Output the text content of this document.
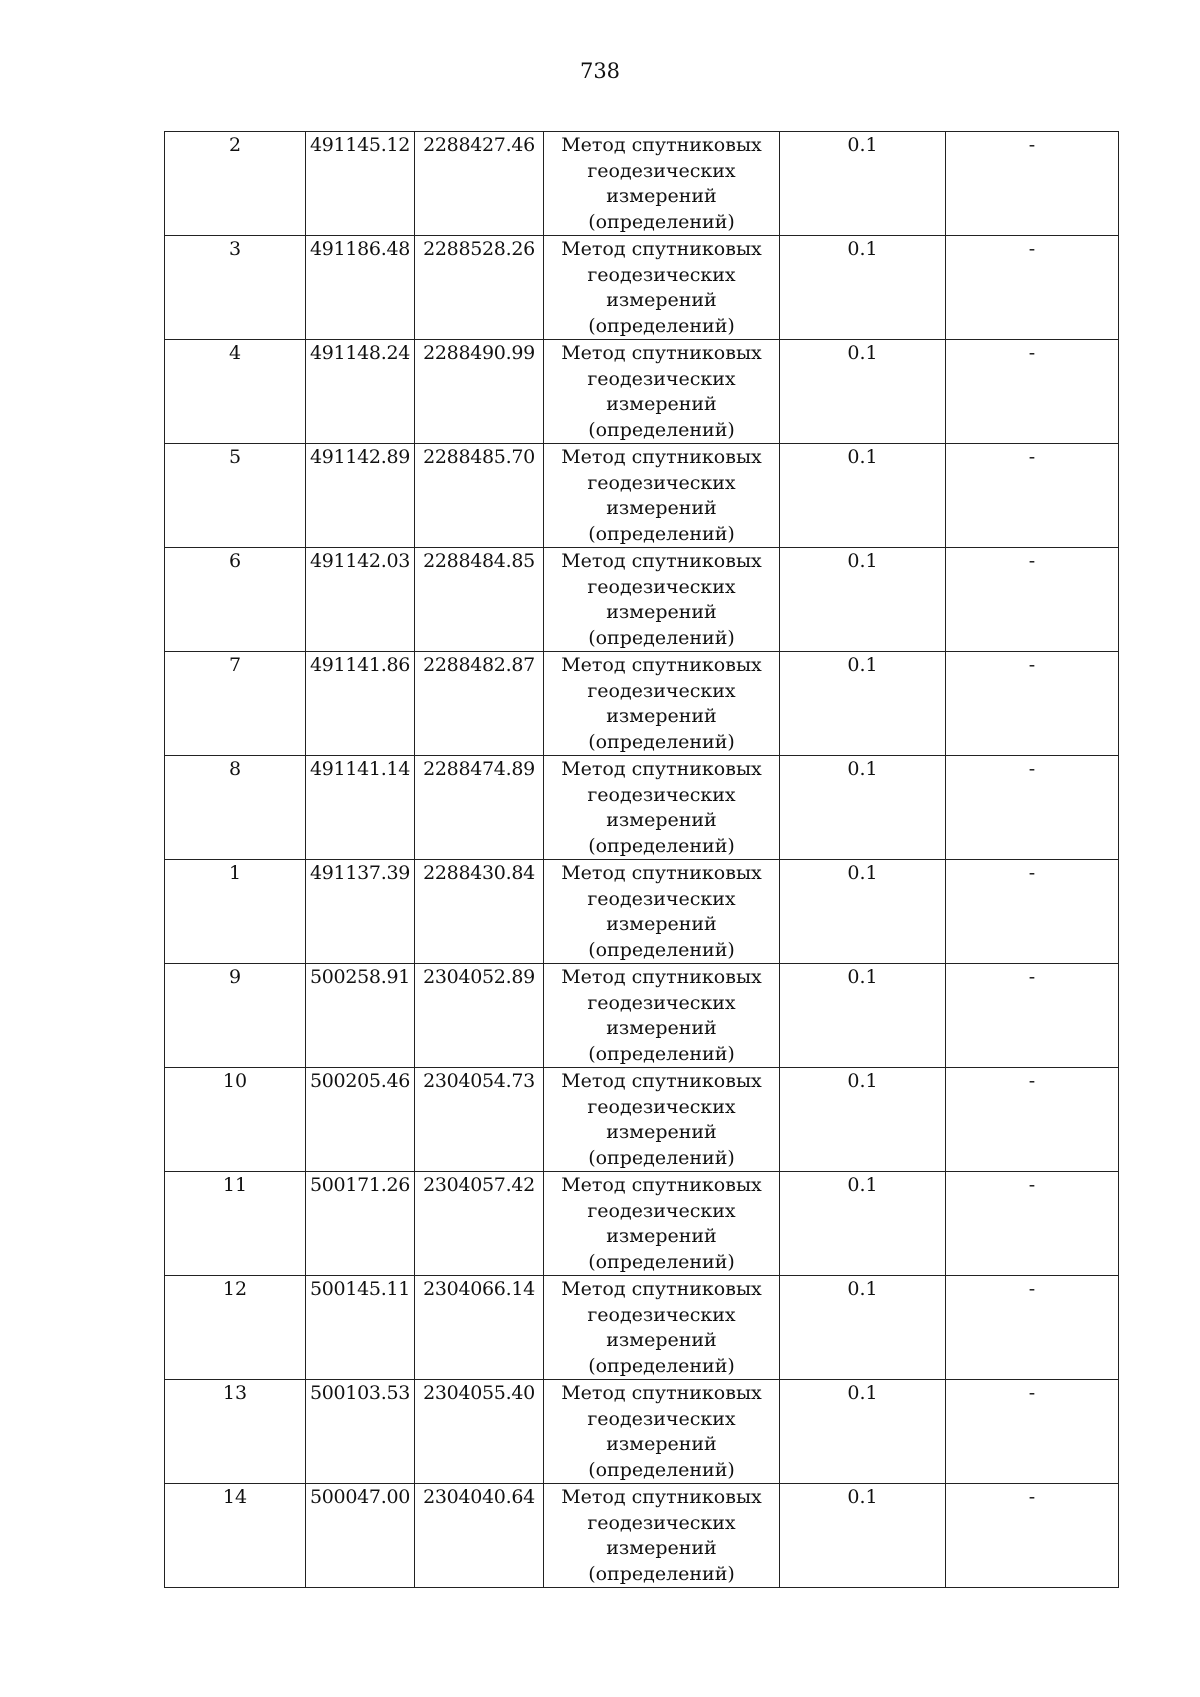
738
2	491145.12	2288427.46	Метод спутниковых геодезических измерений (определений)	0.1	-
3	491186.48	2288528.26	Метод спутниковых геодезических измерений (определений)	0.1	-
4	491148.24	2288490.99	Метод спутниковых геодезических измерений (определений)	0.1	-
5	491142.89	2288485.70	Метод спутниковых геодезических измерений (определений)	0.1	-
6	491142.03	2288484.85	Метод спутниковых геодезических измерений (определений)	0.1	-
7	491141.86	2288482.87	Метод спутниковых геодезических измерений (определений)	0.1	-
8	491141.14	2288474.89	Метод спутниковых геодезических измерений (определений)	0.1	-
1	491137.39	2288430.84	Метод спутниковых геодезических измерений (определений)	0.1	-
9	500258.91	2304052.89	Метод спутниковых геодезических измерений (определений)	0.1	-
10	500205.46	2304054.73	Метод спутниковых геодезических измерений (определений)	0.1	-
11	500171.26	2304057.42	Метод спутниковых геодезических измерений (определений)	0.1	-
12	500145.11	2304066.14	Метод спутниковых геодезических измерений (определений)	0.1	-
13	500103.53	2304055.40	Метод спутниковых геодезических измерений (определений)	0.1	-
14	500047.00	2304040.64	Метод спутниковых геодезических измерений (определений)	0.1	-
